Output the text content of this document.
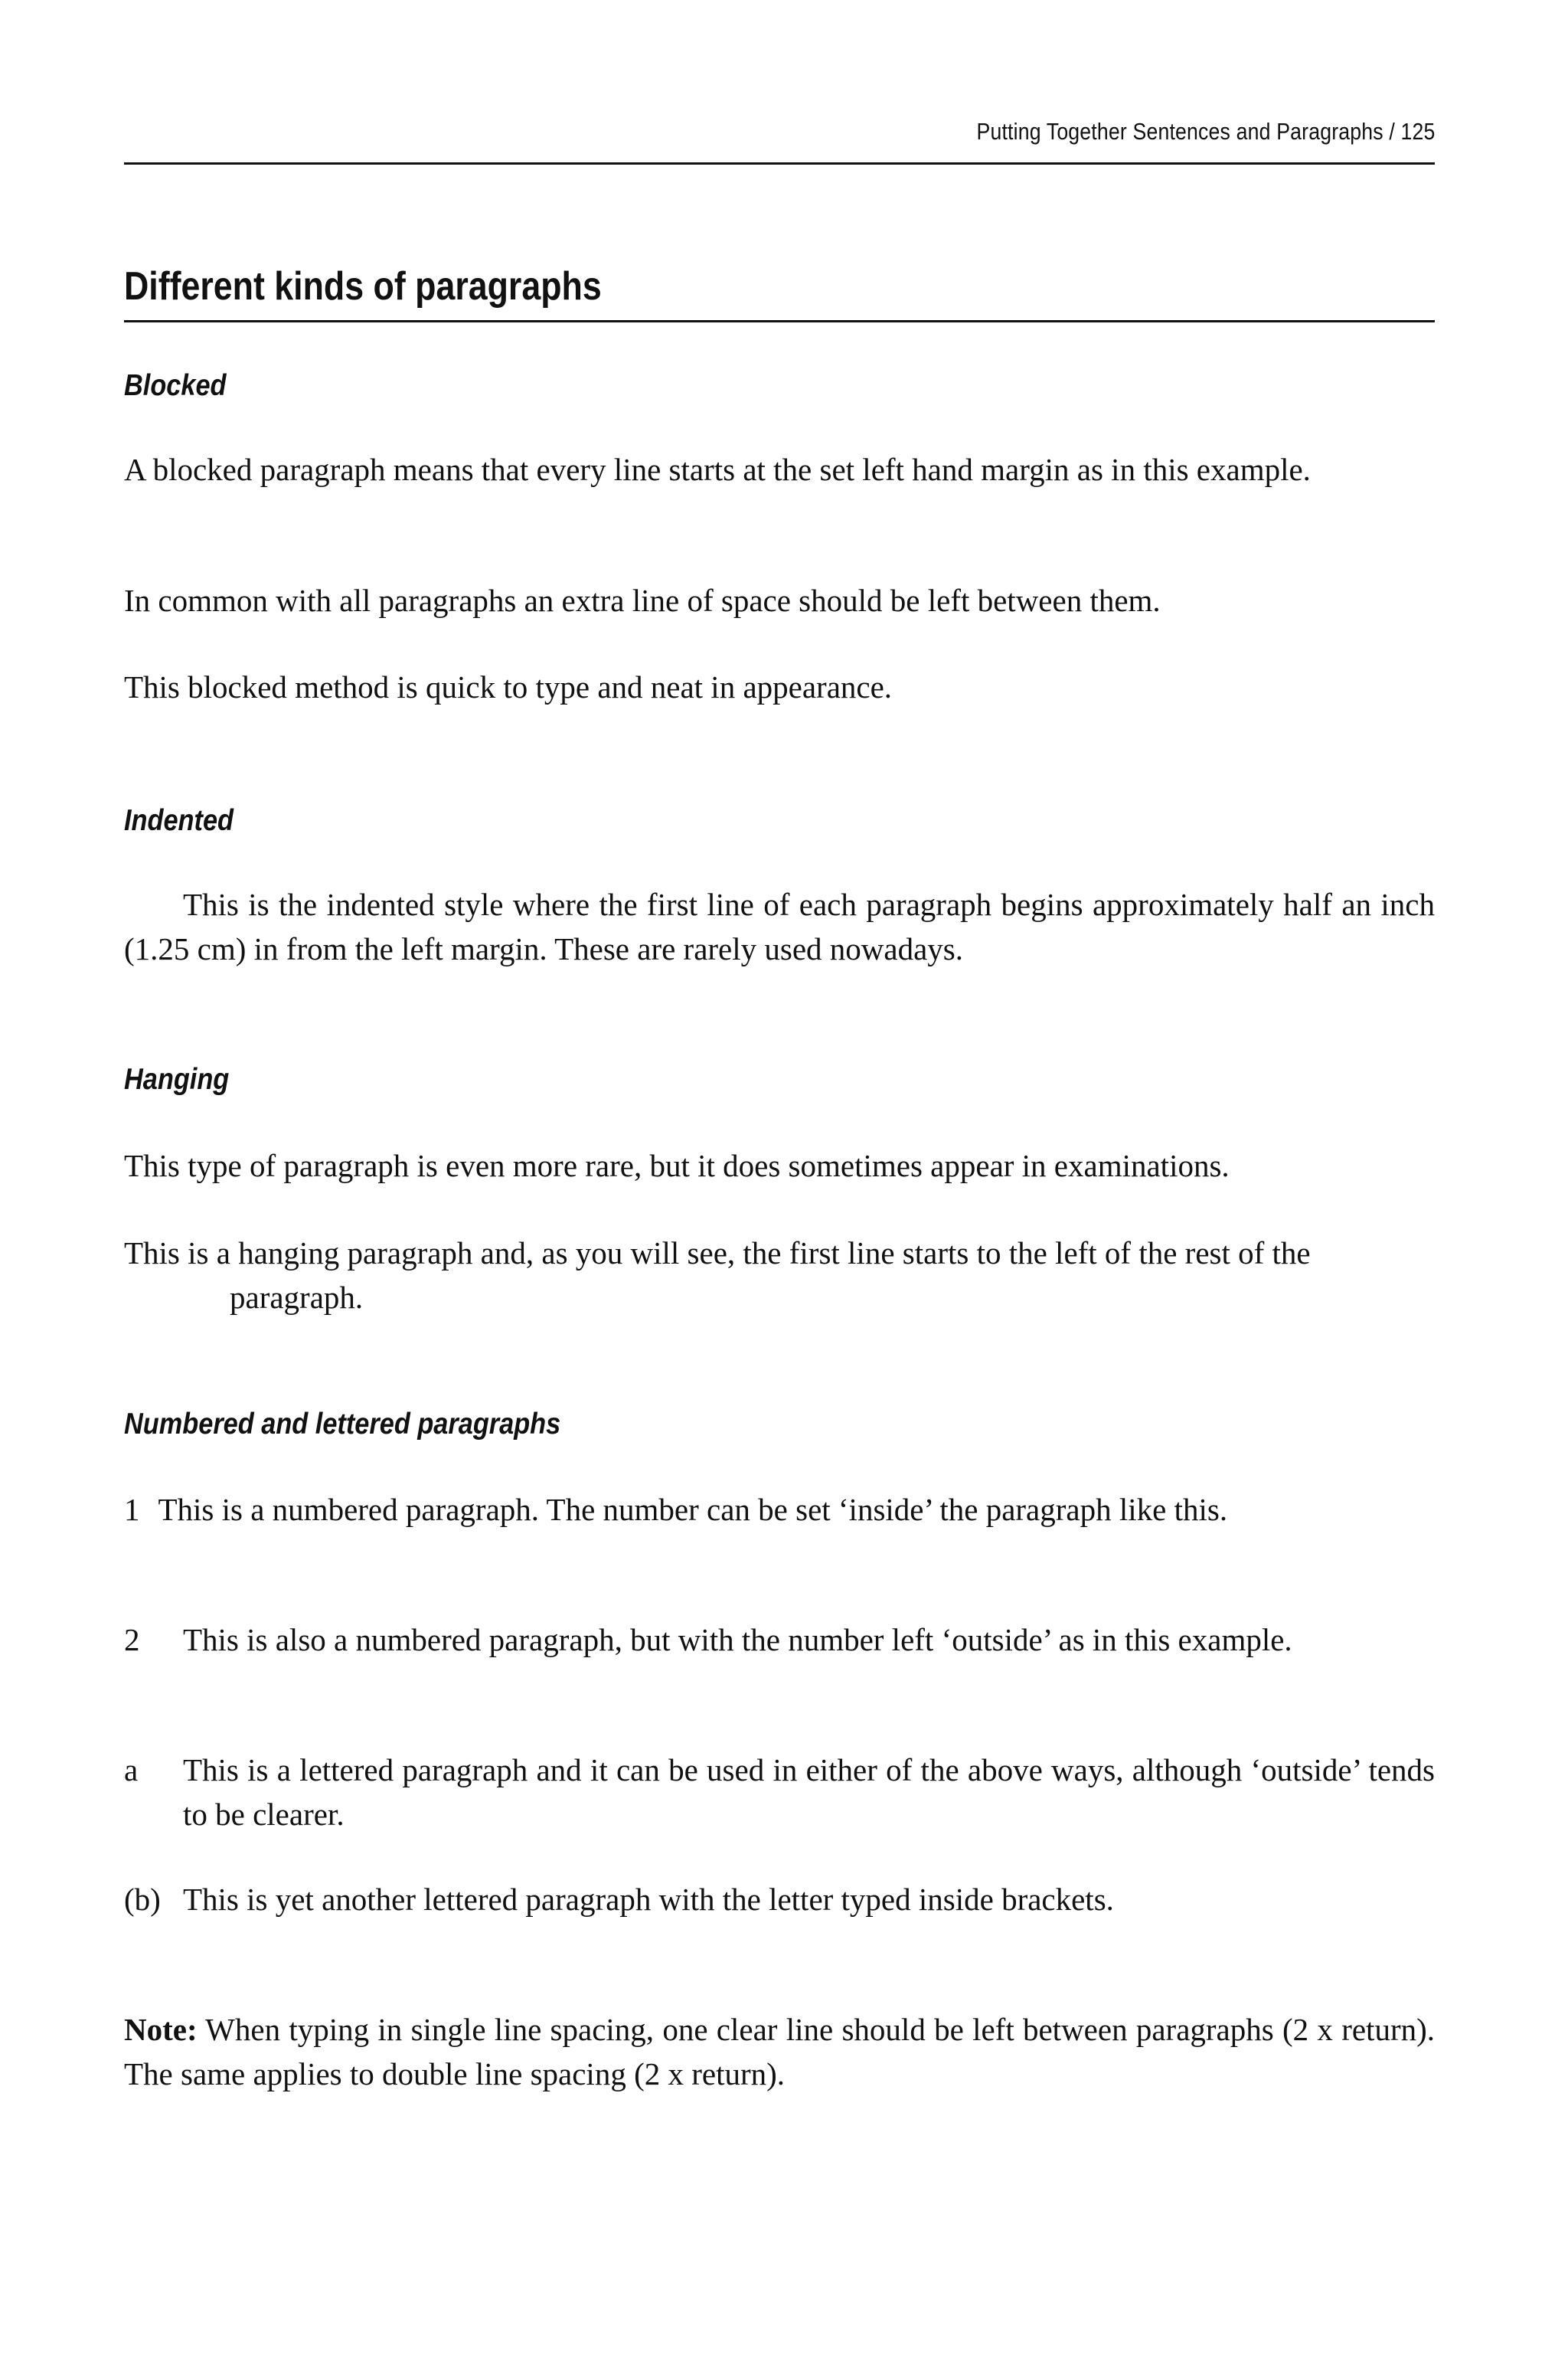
Putting Together Sentences and Paragraphs / 125
Different kinds of paragraphs
Blocked
A blocked paragraph means that every line starts at the set left hand margin as in this example.
In common with all paragraphs an extra line of space should be left between them.
This blocked method is quick to type and neat in appearance.
Indented
This is the indented style where the first line of each paragraph begins approximately half an inch (1.25 cm) in from the left margin. These are rarely used nowadays.
Hanging
This type of paragraph is even more rare, but it does sometimes appear in examinations.
This is a hanging paragraph and, as you will see, the first line starts to the left of the rest of the paragraph.
Numbered and lettered paragraphs
1 This is a numbered paragraph. The number can be set ‘inside’ the paragraph like this.
2 This is also a numbered paragraph, but with the number left ‘outside’ as in this example.
a This is a lettered paragraph and it can be used in either of the above ways, although ‘outside’ tends to be clearer.
(b) This is yet another lettered paragraph with the letter typed inside brackets.
Note: When typing in single line spacing, one clear line should be left between paragraphs (2 x return). The same applies to double line spacing (2 x return).
